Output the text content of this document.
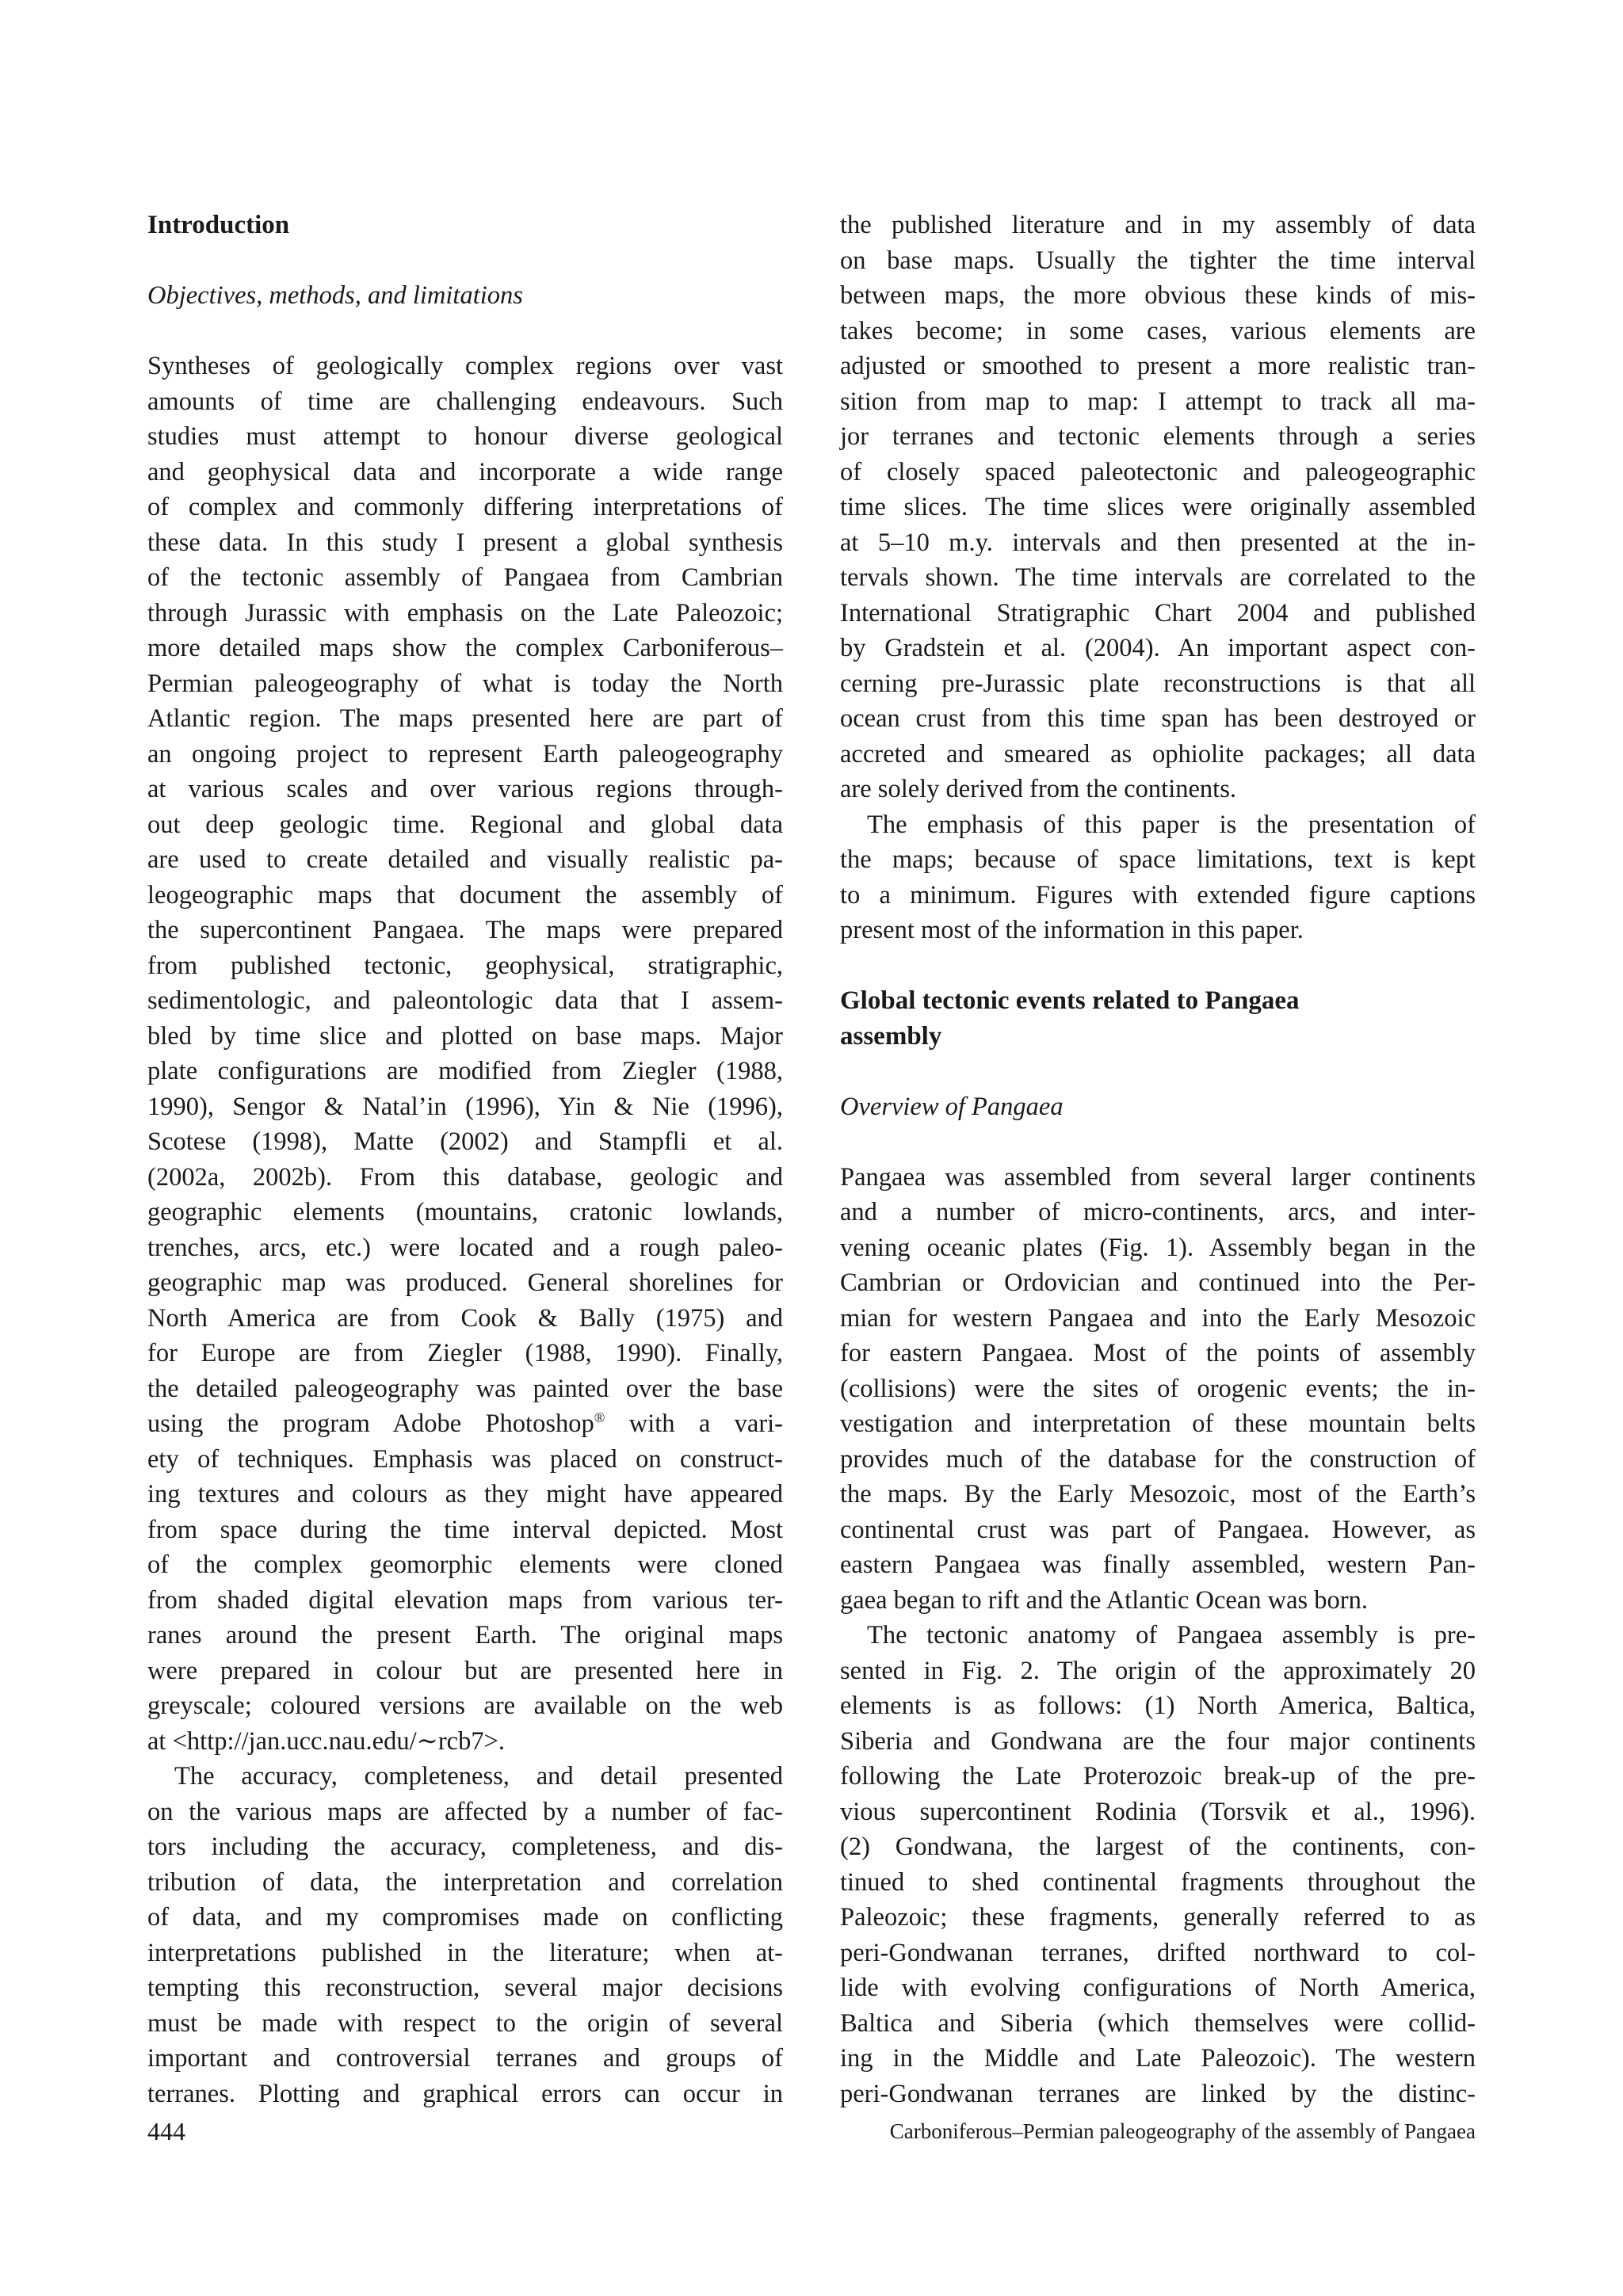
Introduction
Objectives, methods, and limitations
Syntheses of geologically complex regions over vast
amounts of time are challenging endeavours. Such
studies must attempt to honour diverse geological
and geophysical data and incorporate a wide range
of complex and commonly differing interpretations of
these data. In this study I present a global synthesis
of the tectonic assembly of Pangaea from Cambrian
through Jurassic with emphasis on the Late Paleozoic;
more detailed maps show the complex Carboniferous–
Permian paleogeography of what is today the North
Atlantic region. The maps presented here are part of
an ongoing project to represent Earth paleogeography
at various scales and over various regions through-
out deep geologic time. Regional and global data
are used to create detailed and visually realistic pa-
leogeographic maps that document the assembly of
the supercontinent Pangaea. The maps were prepared
from published tectonic, geophysical, stratigraphic,
sedimentologic, and paleontologic data that I assem-
bled by time slice and plotted on base maps. Major
plate configurations are modified from Ziegler (1988,
1990), Sengor & Natal’in (1996), Yin & Nie (1996),
Scotese (1998), Matte (2002) and Stampfli et al.
(2002a, 2002b). From this database, geologic and
geographic elements (mountains, cratonic lowlands,
trenches, arcs, etc.) were located and a rough paleo-
geographic map was produced. General shorelines for
North America are from Cook & Bally (1975) and
for Europe are from Ziegler (1988, 1990). Finally,
the detailed paleogeography was painted over the base
using the program Adobe Photoshop® with a vari-
ety of techniques. Emphasis was placed on construct-
ing textures and colours as they might have appeared
from space during the time interval depicted. Most
of the complex geomorphic elements were cloned
from shaded digital elevation maps from various ter-
ranes around the present Earth. The original maps
were prepared in colour but are presented here in
greyscale; coloured versions are available on the web
at <http://jan.ucc.nau.edu/∼rcb7>.
The accuracy, completeness, and detail presented
on the various maps are affected by a number of fac-
tors including the accuracy, completeness, and dis-
tribution of data, the interpretation and correlation
of data, and my compromises made on conflicting
interpretations published in the literature; when at-
tempting this reconstruction, several major decisions
must be made with respect to the origin of several
important and controversial terranes and groups of
terranes. Plotting and graphical errors can occur in
the published literature and in my assembly of data
on base maps. Usually the tighter the time interval
between maps, the more obvious these kinds of mis-
takes become; in some cases, various elements are
adjusted or smoothed to present a more realistic tran-
sition from map to map: I attempt to track all ma-
jor terranes and tectonic elements through a series
of closely spaced paleotectonic and paleogeographic
time slices. The time slices were originally assembled
at 5–10 m.y. intervals and then presented at the in-
tervals shown. The time intervals are correlated to the
International Stratigraphic Chart 2004 and published
by Gradstein et al. (2004). An important aspect con-
cerning pre-Jurassic plate reconstructions is that all
ocean crust from this time span has been destroyed or
accreted and smeared as ophiolite packages; all data
are solely derived from the continents.
The emphasis of this paper is the presentation of
the maps; because of space limitations, text is kept
to a minimum. Figures with extended figure captions
present most of the information in this paper.
Global tectonic events related to Pangaea
assembly
Overview of Pangaea
Pangaea was assembled from several larger continents
and a number of micro-continents, arcs, and inter-
vening oceanic plates (Fig. 1). Assembly began in the
Cambrian or Ordovician and continued into the Per-
mian for western Pangaea and into the Early Mesozoic
for eastern Pangaea. Most of the points of assembly
(collisions) were the sites of orogenic events; the in-
vestigation and interpretation of these mountain belts
provides much of the database for the construction of
the maps. By the Early Mesozoic, most of the Earth’s
continental crust was part of Pangaea. However, as
eastern Pangaea was finally assembled, western Pan-
gaea began to rift and the Atlantic Ocean was born.
The tectonic anatomy of Pangaea assembly is pre-
sented in Fig. 2. The origin of the approximately 20
elements is as follows: (1) North America, Baltica,
Siberia and Gondwana are the four major continents
following the Late Proterozoic break-up of the pre-
vious supercontinent Rodinia (Torsvik et al., 1996).
(2) Gondwana, the largest of the continents, con-
tinued to shed continental fragments throughout the
Paleozoic; these fragments, generally referred to as
peri-Gondwanan terranes, drifted northward to col-
lide with evolving configurations of North America,
Baltica and Siberia (which themselves were collid-
ing in the Middle and Late Paleozoic). The western
peri-Gondwanan terranes are linked by the distinc-
444	Carboniferous–Permian paleogeography of the assembly of Pangaea
